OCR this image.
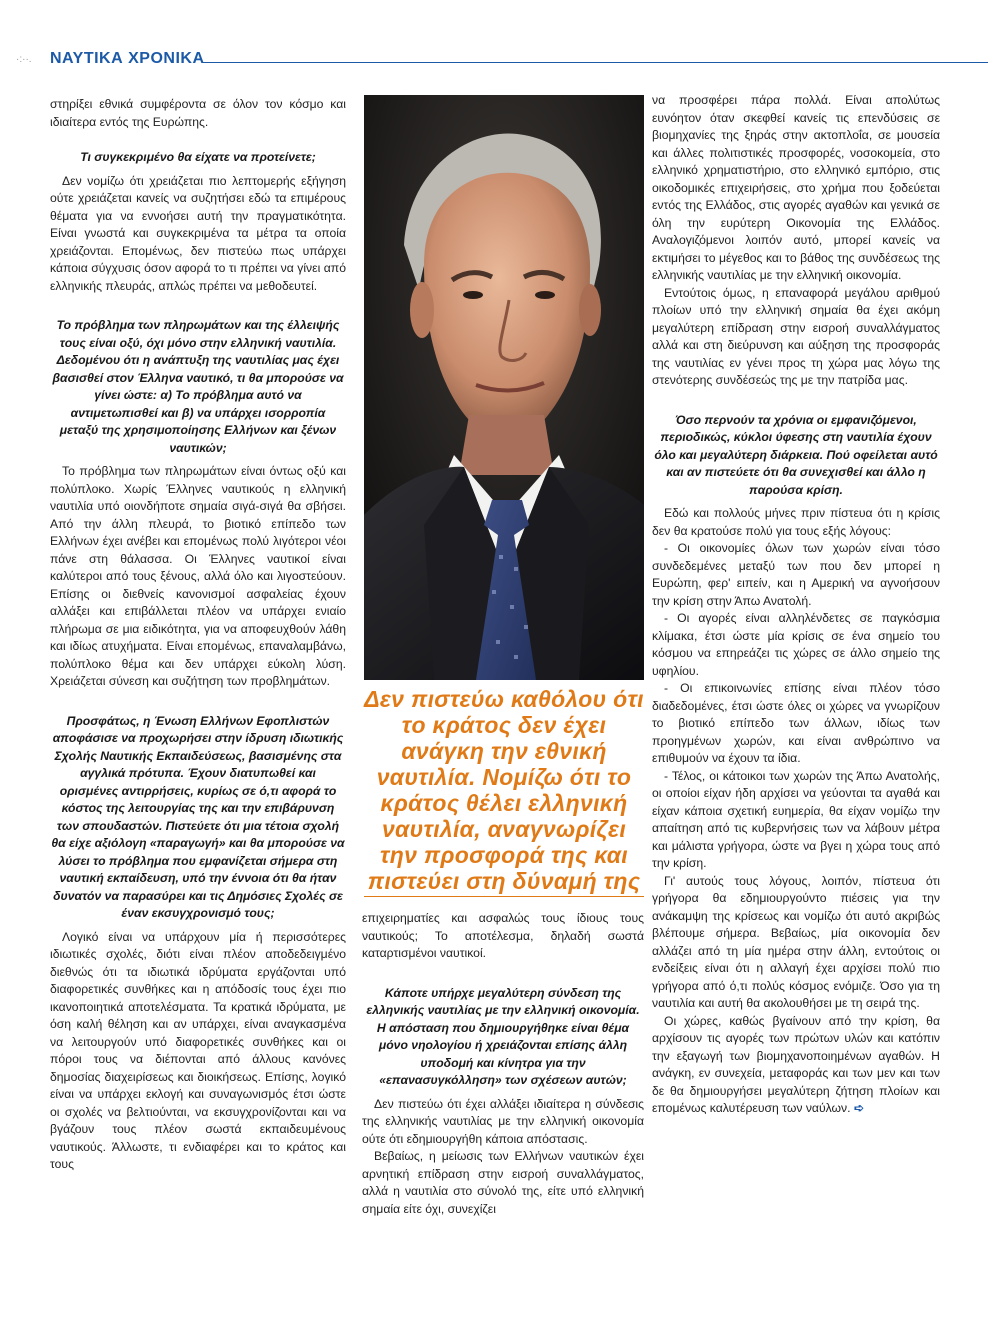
·:··. ΝΑΥΤΙΚΑ ΧΡΟΝΙΚΑ

στηρίξει εθνικά συμφέροντα σε όλον τον κόσμο και ιδιαίτερα εντός της Ευρώπης.

Τι συγκεκριμένο θα είχατε να προτείνετε;

Δεν νομίζω ότι χρειάζεται πιο λεπτομερής εξήγηση ούτε χρειάζεται κανείς να συζητήσει εδώ τα επιμέρους θέματα για να εννοήσει αυτή την πραγματικότητα. Είναι γνωστά και συγκεκριμένα τα μέτρα τα οποία χρειάζονται. Επομένως, δεν πιστεύω πως υπάρχει κάποια σύγχυσις όσον αφορά το τι πρέπει να γίνει από ελληνικής πλευράς, απλώς πρέπει να μεθοδευτεί.

Το πρόβλημα των πληρωμάτων και της έλλειψής τους είναι οξύ, όχι μόνο στην ελληνική ναυτιλία. Δεδομένου ότι η ανάπτυξη της ναυτιλίας μας έχει βασισθεί στον Έλληνα ναυτικό, τι θα μπορούσε να γίνει ώστε: α) Το πρόβλημα αυτό να αντιμετωπισθεί και β) να υπάρχει ισορροπία μεταξύ της χρησιμοποίησης Ελλήνων και ξένων ναυτικών;

Το πρόβλημα των πληρωμάτων είναι όντως οξύ και πολύπλοκο. Χωρίς Έλληνες ναυτικούς η ελληνική ναυτιλία υπό οιονδήποτε σημαία σιγά-σιγά θα σβήσει. Από την άλλη πλευρά, το βιοτικό επίπεδο των Ελλήνων έχει ανέβει και επομένως πολύ λιγότεροι νέοι πάνε στη θάλασσα. Οι Έλληνες ναυτικοί είναι καλύτεροι από τους ξένους, αλλά όλο και λιγοστεύουν. Επίσης οι διεθνείς κανονισμοί ασφαλείας έχουν αλλάξει και επιβάλλεται πλέον να υπάρχει ενιαίο πλήρωμα σε μια ειδικότητα, για να αποφευχθούν λάθη και ιδίως ατυχήματα. Είναι επομένως, επαναλαμβάνω, πολύπλοκο θέμα και δεν υπάρχει εύκολη λύση. Χρειάζεται σύνεση και συζήτηση των προβλημάτων.

Προσφάτως, η Ένωση Ελλήνων Εφοπλιστών αποφάσισε να προχωρήσει στην ίδρυση ιδιωτικής Σχολής Ναυτικής Εκπαιδεύσεως, βασισμένης στα αγγλικά πρότυπα. Έχουν διατυπωθεί και ορισμένες αντιρρήσεις, κυρίως σε ό,τι αφορά το κόστος της λειτουργίας της και την επιβάρυνση των σπουδαστών. Πιστεύετε ότι μια τέτοια σχολή θα είχε αξιόλογη «παραγωγή» και θα μπορούσε να λύσει το πρόβλημα που εμφανίζεται σήμερα στη ναυτική εκπαίδευση, υπό την έννοια ότι θα ήταν δυνατόν να παρασύρει και τις Δημόσιες Σχολές σε έναν εκσυγχρονισμό τους;

Λογικό είναι να υπάρχουν μία ή περισσότερες ιδιωτικές σχολές, διότι είναι πλέον αποδεδειγμένο διεθνώς ότι τα ιδιωτικά ιδρύματα εργάζονται υπό διαφορετικές συνθήκες και η απόδοσίς τους έχει πιο ικανοποιητικά αποτελέσματα. Τα κρατικά ιδρύματα, με όση καλή θέληση και αν υπάρχει, είναι αναγκασμένα να λειτουργούν υπό διαφορετικές συνθήκες και οι πόροι τους να διέπονται από άλλους κανόνες δημοσίας διαχειρίσεως και διοικήσεως. Επίσης, λογικό είναι να υπάρχει εκλογή και συναγωνισμός έτσι ώστε οι σχολές να βελτιούνται, να εκσυγχρονίζονται και να βγάζουν τους πλέον σωστά εκπαιδευμένους ναυτικούς. Άλλωστε, τι ενδιαφέρει και το κράτος και τους

Δεν πιστεύω καθόλου ότι το κράτος δεν έχει ανάγκη την εθνική ναυτιλία. Νομίζω ότι το κράτος θέλει ελληνική ναυτιλία, αναγνωρίζει την προσφορά της και πιστεύει στη δύναμή της

επιχειρηματίες και ασφαλώς τους ίδιους τους ναυτικούς; Το αποτέλεσμα, δηλαδή σωστά καταρτισμένοι ναυτικοί.

Κάποτε υπήρχε μεγαλύτερη σύνδεση της ελληνικής ναυτιλίας με την ελληνική οικονομία. Η απόσταση που δημιουργήθηκε είναι θέμα μόνο νηολογίου ή χρειάζονται επίσης άλλη υποδομή και κίνητρα για την «επανασυγκόλληση» των σχέσεων αυτών;

Δεν πιστεύω ότι έχει αλλάξει ιδιαίτερα η σύνδεσις της ελληνικής ναυτιλίας με την ελληνική οικονομία ούτε ότι εδημιουργήθη κάποια απόστασις.

Βεβαίως, η μείωσις των Ελλήνων ναυτικών έχει αρνητική επίδραση στην εισροή συναλλάγματος, αλλά η ναυτιλία στο σύνολό της, είτε υπό ελληνική σημαία είτε όχι, συνεχίζει

να προσφέρει πάρα πολλά. Είναι απολύτως ευνόητον όταν σκεφθεί κανείς τις επενδύσεις σε βιομηχανίες της ξηράς στην ακτοπλοΐα, σε μουσεία και άλλες πολιτιστικές προσφορές, νοσοκομεία, στο ελληνικό χρηματιστήριο, στο ελληνικό εμπόριο, στις οικοδομικές επιχειρήσεις, στο χρήμα που ξοδεύεται εντός της Ελλάδος, στις αγορές αγαθών και γενικά σε όλη την ευρύτερη Οικονομία της Ελλάδος. Αναλογιζόμενοι λοιπόν αυτό, μπορεί κανείς να εκτιμήσει το μέγεθος και το βάθος της συνδέσεως της ελληνικής ναυτιλίας με την ελληνική οικονομία.

Εντούτοις όμως, η επαναφορά μεγάλου αριθμού πλοίων υπό την ελληνική σημαία θα έχει ακόμη μεγαλύτερη επίδραση στην εισροή συναλλάγματος αλλά και στη διεύρυνση και αύξηση της προσφοράς της ναυτιλίας εν γένει προς τη χώρα μας λόγω της στενότερης συνδέσεώς της με την πατρίδα μας.

Όσο περνούν τα χρόνια οι εμφανιζόμενοι, περιοδικώς, κύκλοι ύφεσης στη ναυτιλία έχουν όλο και μεγαλύτερη διάρκεια. Πού οφείλεται αυτό και αν πιστεύετε ότι θα συνεχισθεί και άλλο η παρούσα κρίση.

Εδώ και πολλούς μήνες πριν πίστευα ότι η κρίσις δεν θα κρατούσε πολύ για τους εξής λόγους:

- Οι οικονομίες όλων των χωρών είναι τόσο συνδεδεμένες μεταξύ των που δεν μπορεί η Ευρώπη, φερ' ειπείν, και η Αμερική να αγνοήσουν την κρίση στην Άπω Ανατολή.

- Οι αγορές είναι αλληλένδετες σε παγκόσμια κλίμακα, έτσι ώστε μία κρίσις σε ένα σημείο του κόσμου να επηρεάζει τις χώρες σε άλλο σημείο της υφηλίου.

- Οι επικοινωνίες επίσης είναι πλέον τόσο διαδεδομένες, έτσι ώστε όλες οι χώρες να γνωρίζουν το βιοτικό επίπεδο των άλλων, ιδίως των προηγμένων χωρών, και είναι ανθρώπινο να επιθυμούν να έχουν τα ίδια.

- Τέλος, οι κάτοικοι των χωρών της Άπω Ανατολής, οι οποίοι είχαν ήδη αρχίσει να γεύονται τα αγαθά και είχαν κάποια σχετική ευημερία, θα είχαν νομίζω την απαίτηση από τις κυβερνήσεις των να λάβουν μέτρα και μάλιστα γρήγορα, ώστε να βγει η χώρα τους από την κρίση.

Γι' αυτούς τους λόγους, λοιπόν, πίστευα ότι γρήγορα θα εδημιουργούντο πιέσεις για την ανάκαμψη της κρίσεως και νομίζω ότι αυτό ακριβώς βλέπουμε σήμερα. Βεβαίως, μία οικονομία δεν αλλάζει από τη μία ημέρα στην άλλη, εντούτοις οι ενδείξεις είναι ότι η αλλαγή έχει αρχίσει πολύ πιο γρήγορα από ό,τι πολύς κόσμος ενόμιζε. Όσο για τη ναυτιλία και αυτή θα ακολουθήσει με τη σειρά της.

Οι χώρες, καθώς βγαίνουν από την κρίση, θα αρχίσουν τις αγορές των πρώτων υλών και κατόπιν την εξαγωγή των βιομηχανοποιημένων αγαθών. Η ανάγκη, εν συνεχεία, μεταφοράς και των μεν και των δε θα δημιουργήσει μεγαλύτερη ζήτηση πλοίων και επομένως καλυτέρευση των ναύλων. ➪
